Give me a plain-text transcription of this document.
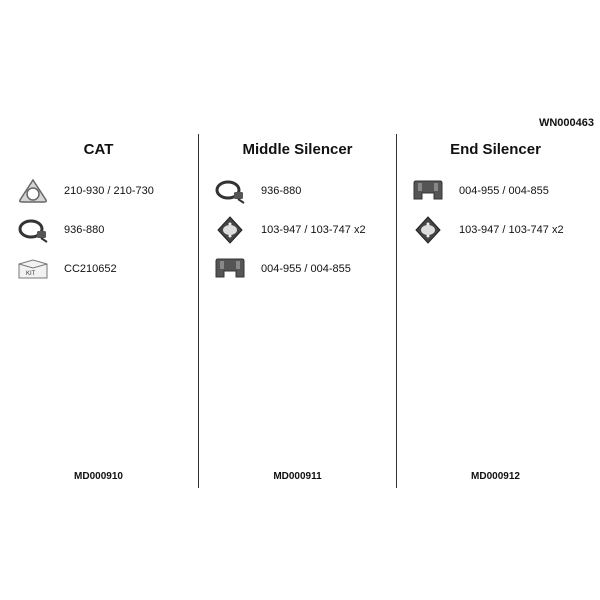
WN000463
CAT
210-930 / 210-730
936-880
KIT	CC210652
MD000910
Middle Silencer
936-880
103-947 / 103-747 x2
004-955 / 004-855
MD000911
End Silencer
004-955 / 004-855
103-947 / 103-747 x2
MD000912
